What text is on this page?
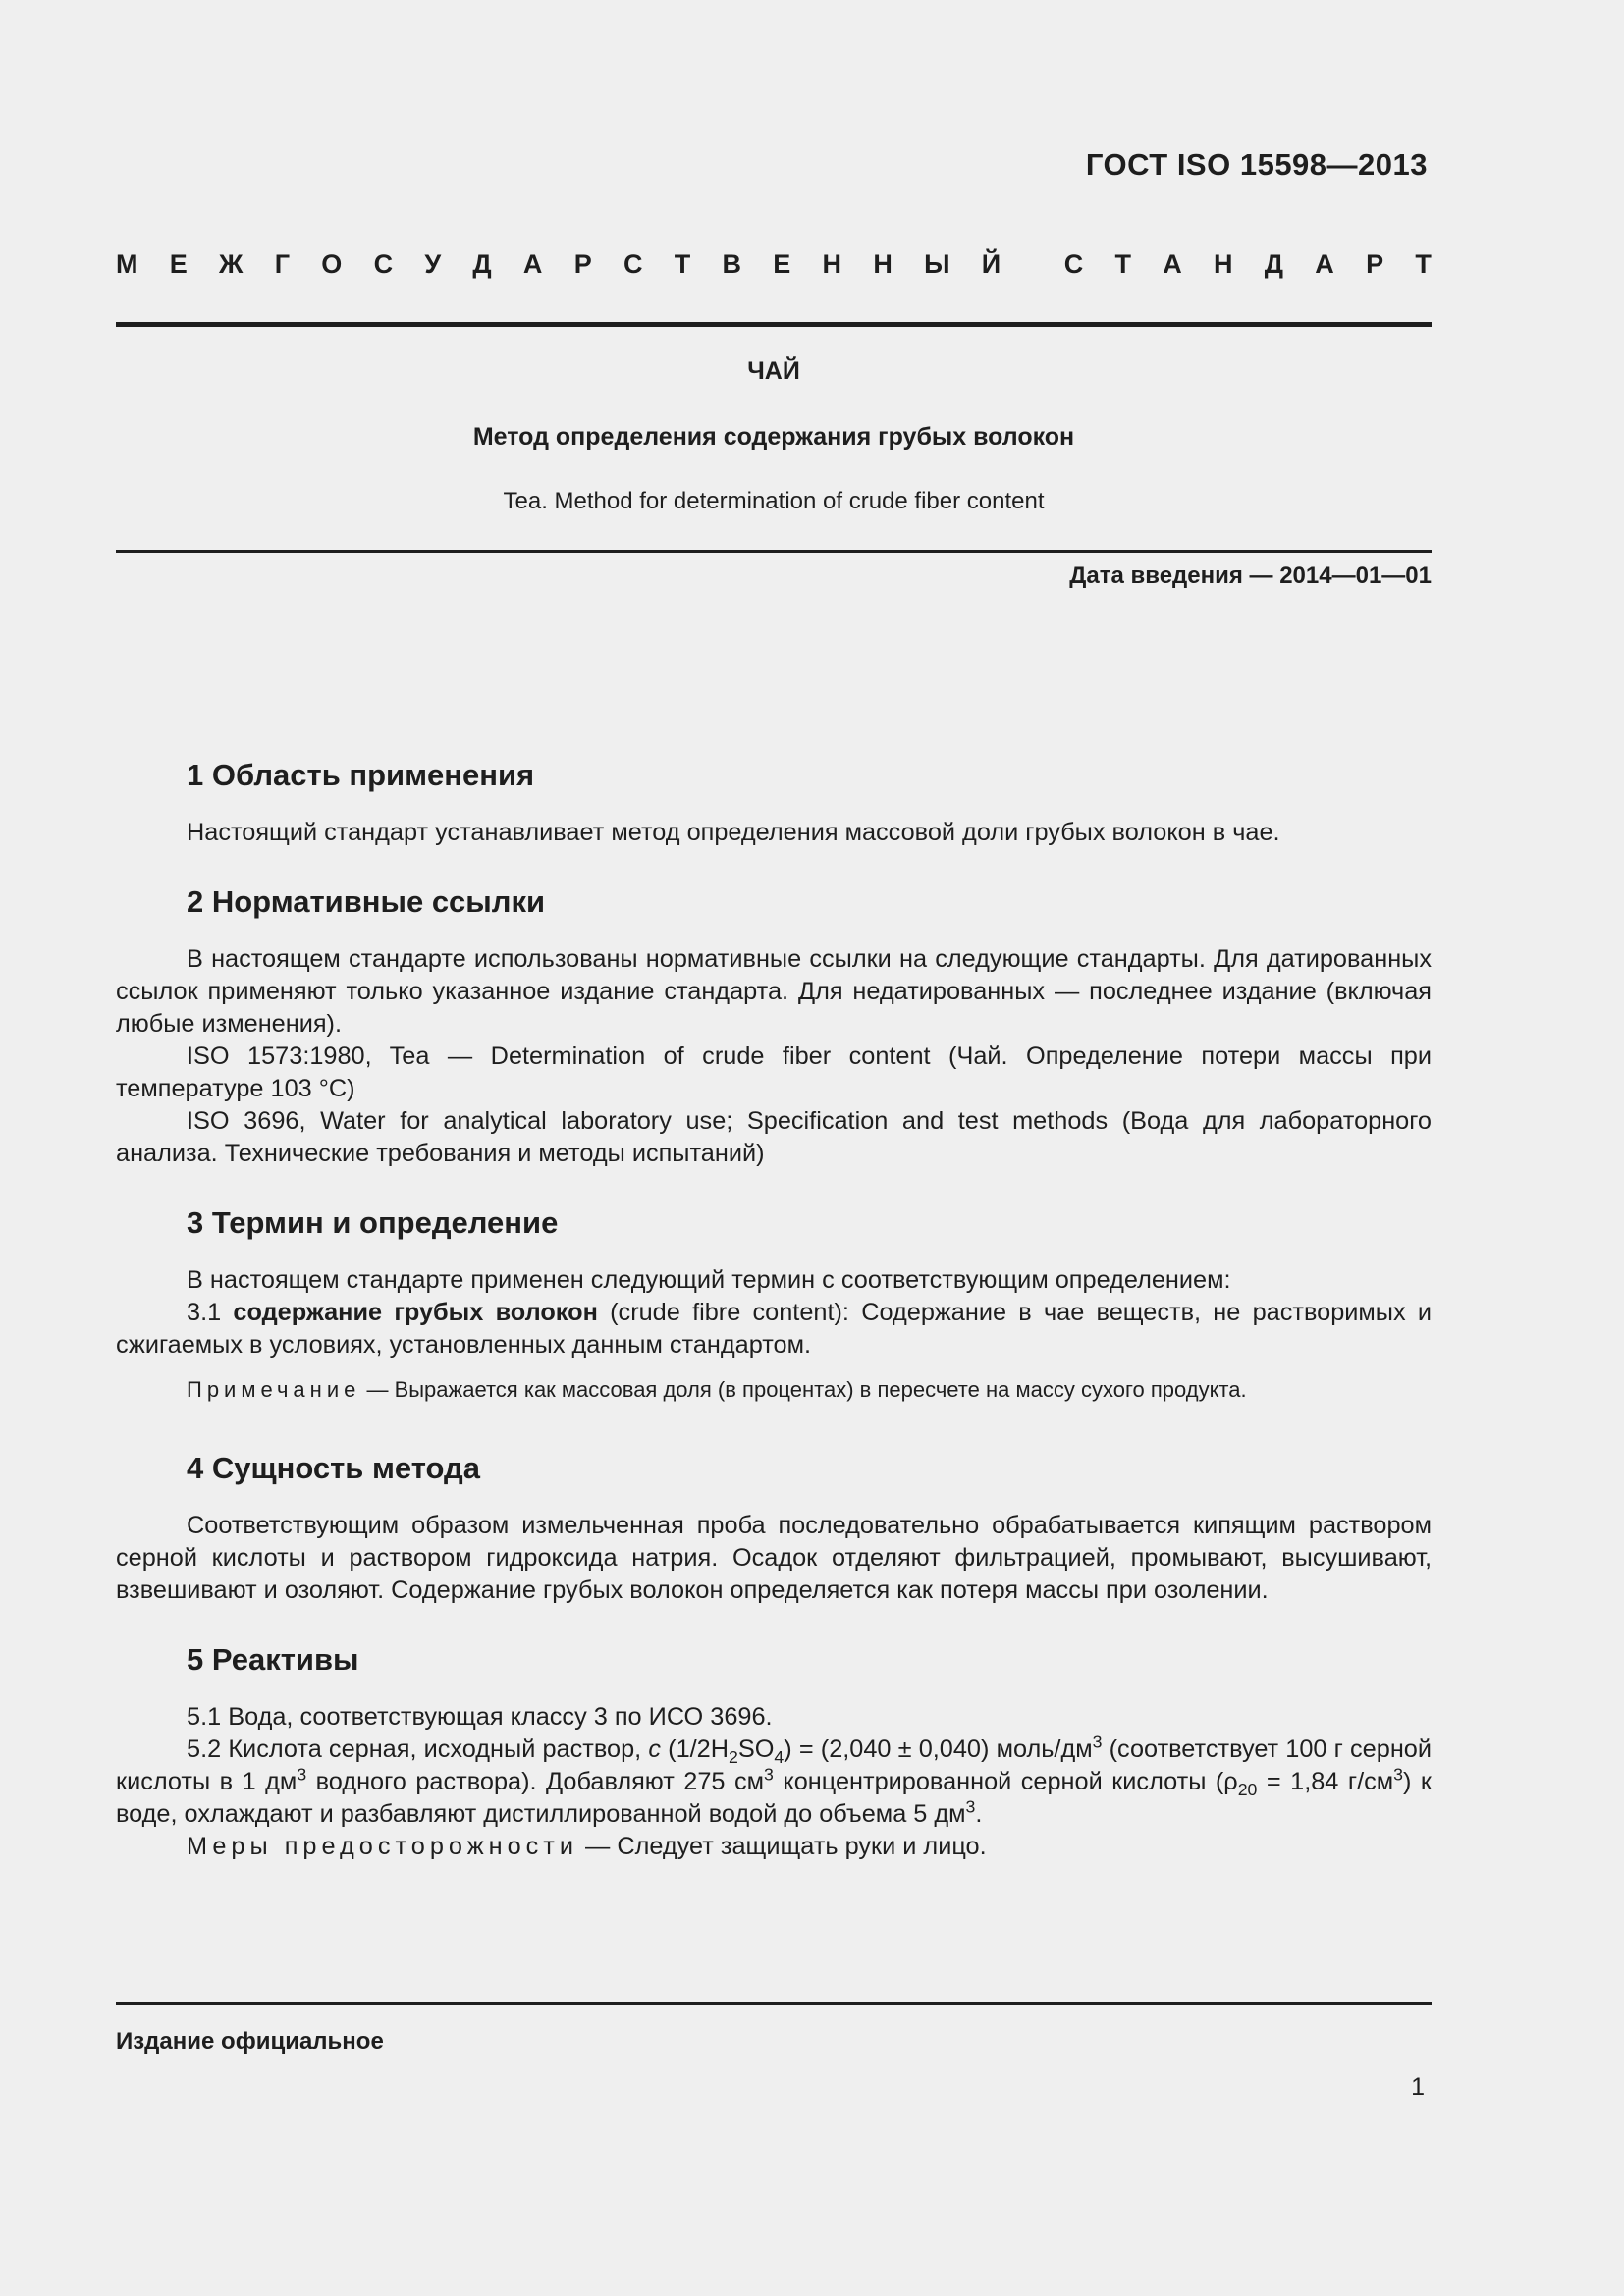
ГОСТ ISO 15598—2013
М Е Ж Г О С У Д А Р С Т В Е Н Н Ы Й С Т А Н Д А Р Т
ЧАЙ
Метод определения содержания грубых волокон
Tea. Method for determination of crude fiber content
Дата введения — 2014—01—01
1 Область применения

Настоящий стандарт устанавливает метод определения массовой доли грубых волокон в чае.

2 Нормативные ссылки

В настоящем стандарте использованы нормативные ссылки на следующие стандарты. Для датированных ссылок применяют только указанное издание стандарта. Для недатированных — последнее издание (включая любые изменения).

ISO 1573:1980, Tea — Determination of crude fiber content (Чай. Определение потери массы при температуре 103 °С)

ISO 3696, Water for analytical laboratory use; Specification and test methods (Вода для лабораторного анализа. Технические требования и методы испытаний)

3 Термин и определение

В настоящем стандарте применен следующий термин с соответствующим определением:

3.1 содержание грубых волокон (crude fibre content): Содержание в чае веществ, не растворимых и сжигаемых в условиях, установленных данным стандартом.

Примечание — Выражается как массовая доля (в процентах) в пересчете на массу сухого продукта.
4 Сущность метода

Соответствующим образом измельченная проба последовательно обрабатывается кипящим раствором серной кислоты и раствором гидроксида натрия. Осадок отделяют фильтрацией, промывают, высушивают, взвешивают и озоляют. Содержание грубых волокон определяется как потеря массы при озолении.

5 Реактивы

5.1 Вода, соответствующая классу 3 по ИСО 3696.

5.2 Кислота серная, исходный раствор, c $(1/2H_2SO_4) = (2,040 \pm 0,040)$ моль/$дм^3$ (соответствует 100 г серной кислоты в 1 $дм^3$ водного раствора). Добавляют 275 $см^3$ концентрированной серной кислоты ($\rho_{20} = 1,84$ $г/см^3$) к воде, охлаждают и разбавляют дистиллированной водой до объема 5 $дм^3$.

Меры предосторожности — Следует защищать руки и лицо.

Издание официальное
1
